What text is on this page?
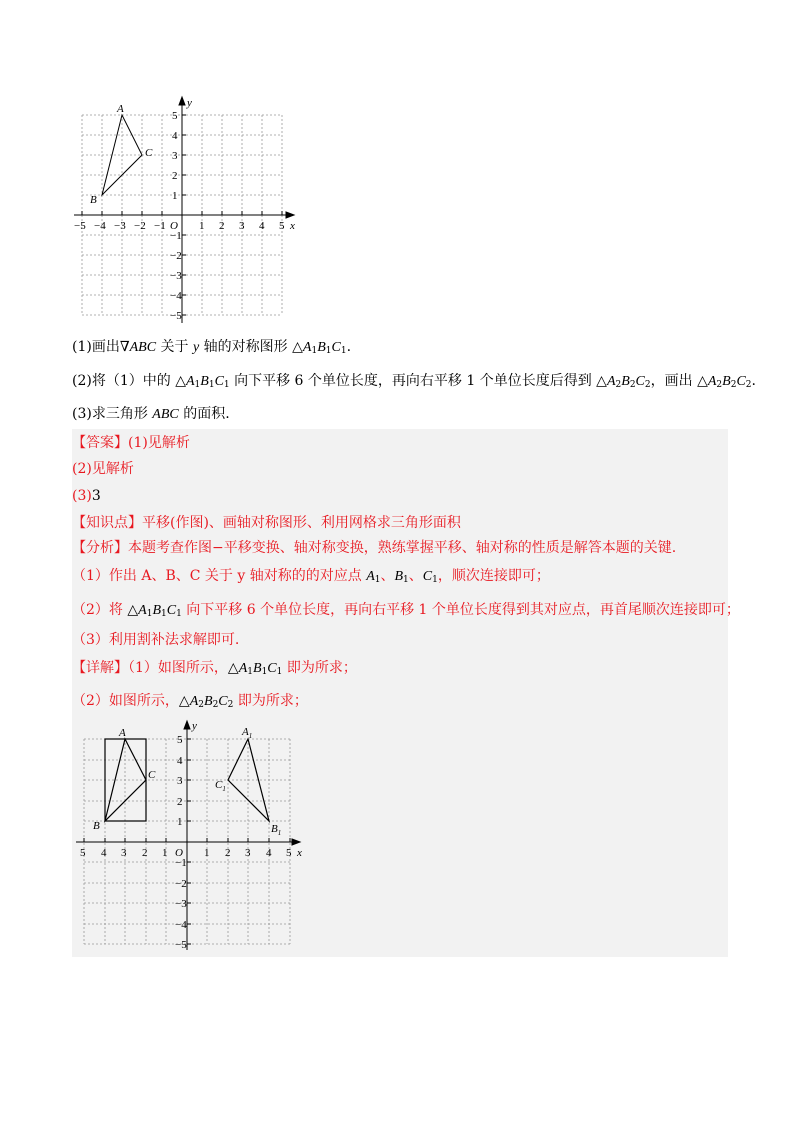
−5 −4 −3 −2 −1 O 1 2 3 4 5 x
y
5
4
3
2
1
−1
−2
−3
−4
−5
A
B
C
(1)画出∇ABC 关于 y 轴的对称图形 $\triangle A_1B_1C_1$.
(2)将（1）中的 $\triangle A_1B_1C_1$ 向下平移 6 个单位长度，再向右平移 1 个单位长度后得到 $\triangle A_2B_2C_2$，画出 $\triangle A_2B_2C_2$.
(3)求三角形 ABC 的面积.
【答案】(1)见解析
(2)见解析
(3)3
【知识点】平移(作图)、画轴对称图形、利用网格求三角形面积
【分析】本题考查作图−平移变换、轴对称变换，熟练掌握平移、轴对称的性质是解答本题的关键.
（1）作出 A、B、C 关于 y 轴对称的的对应点 $A_1$、$B_1$、$C_1$，顺次连接即可；
（2）将 $\triangle A_1B_1C_1$ 向下平移 6 个单位长度，再向右平移 1 个单位长度得到其对应点，再首尾顺次连接即可；
（3）利用割补法求解即可.
【详解】（1）如图所示，$\triangle A_1B_1C_1$ 即为所求；
（2）如图所示，$\triangle A_2B_2C_2$ 即为所求；
5 4 3 2 1 O 1 2 3 4 5 x
y
5
4
3
2
1
−1
−2
−3
−4
−5
A
B
C
$A_1$
$B_1$
$C_1$
